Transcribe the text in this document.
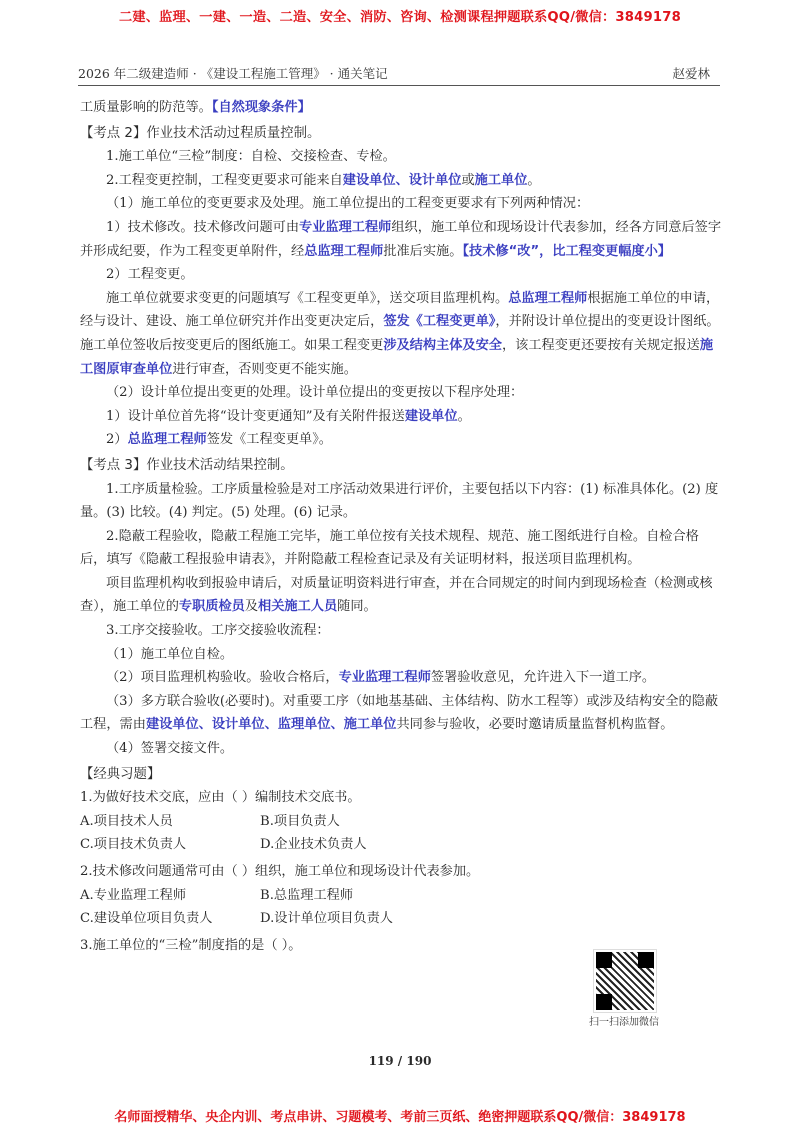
二建、监理、一建、一造、二造、安全、消防、咨询、检测课程押题联系QQ/微信：3849178
2026 年二级建造师 · 《建设工程施工管理》 · 通关笔记	赵爱林

工质量影响的防范等。【自然现象条件】

【考点 2】作业技术活动过程质量控制。

1.施工单位“三检”制度：自检、交接检查、专检。

2.工程变更控制，工程变更要求可能来自建设单位、设计单位或施工单位。

（1）施工单位的变更要求及处理。施工单位提出的工程变更要求有下列两种情况：

1）技术修改。技术修改问题可由专业监理工程师组织，施工单位和现场设计代表参加，经各方同意后签字并形成纪要，作为工程变更单附件，经总监理工程师批准后实施。【技术修“改”，比工程变更幅度小】

2）工程变更。

施工单位就要求变更的问题填写《工程变更单》，送交项目监理机构。总监理工程师根据施工单位的申请，经与设计、建设、施工单位研究并作出变更决定后，签发《工程变更单》，并附设计单位提出的变更设计图纸。施工单位签收后按变更后的图纸施工。如果工程变更涉及结构主体及安全，该工程变更还要按有关规定报送施工图原审查单位进行审查，否则变更不能实施。

（2）设计单位提出变更的处理。设计单位提出的变更按以下程序处理：

1）设计单位首先将“设计变更通知”及有关附件报送建设单位。

2）总监理工程师签发《工程变更单》。

【考点 3】作业技术活动结果控制。

1.工序质量检验。工序质量检验是对工序活动效果进行评价，主要包括以下内容：(1) 标准具体化。(2) 度量。(3) 比较。(4) 判定。(5) 处理。(6) 记录。

2.隐蔽工程验收，隐蔽工程施工完毕，施工单位按有关技术规程、规范、施工图纸进行自检。自检合格后，填写《隐蔽工程报验申请表》，并附隐蔽工程检查记录及有关证明材料，报送项目监理机构。

项目监理机构收到报验申请后，对质量证明资料进行审查，并在合同规定的时间内到现场检查（检测或核查），施工单位的专职质检员及相关施工人员随同。

3.工序交接验收。工序交接验收流程：

（1）施工单位自检。

（2）项目监理机构验收。验收合格后，专业监理工程师签署验收意见，允许进入下一道工序。

（3）多方联合验收(必要时)。对重要工序（如地基基础、主体结构、防水工程等）或涉及结构安全的隐蔽工程，需由建设单位、设计单位、监理单位、施工单位共同参与验收，必要时邀请质量监督机构监督。

（4）签署交接文件。

【经典习题】

1.为做好技术交底，应由（ ）编制技术交底书。

A.项目技术人员	B.项目负责人
C.项目技术负责人	D.企业技术负责人

2.技术修改问题通常可由（ ）组织，施工单位和现场设计代表参加。

A.专业监理工程师	B.总监理工程师
C.建设单位项目负责人	D.设计单位项目负责人

3.施工单位的“三检”制度指的是（ ）。

扫一扫添加微信
119 / 190
名师面授精华、央企内训、考点串讲、习题模考、考前三页纸、绝密押题联系QQ/微信：3849178
